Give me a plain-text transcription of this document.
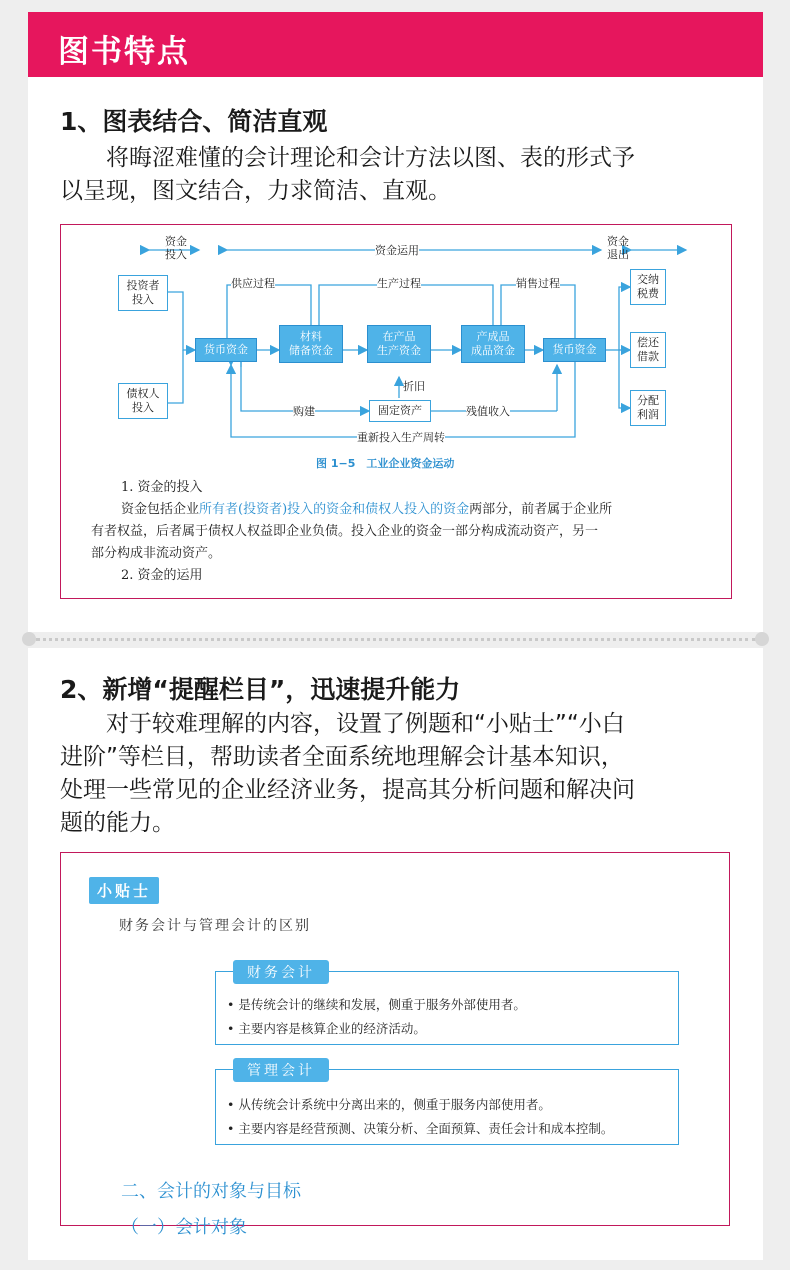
图书特点
1、图表结合、简洁直观

将晦涩难懂的会计理论和会计方法以图、表的形式予
以呈现，图文结合，力求简洁、直观。

资金
投入	资金运用
资金
退出
投资者
投入
债权人
投入
货币资金
材料
储备资金
在产品
生产资金
产成品
成品资金	货币资金
交纳
税费
偿还
借款
分配
利润
供应过程	生产过程	销售过程
折旧
固定资产
购建	残值收入
重新投入生产周转
图 1−5　工业企业资金运动
1. 资金的投入
资金包括企业所有者(投资者)投入的资金和债权人投入的资金两部分，前者属于企业所
有者权益，后者属于债权人权益即企业负债。投入企业的资金一部分构成流动资产，另一
部分构成非流动资产。
2. 资金的运用
2、新增“提醒栏目”，迅速提升能力

对于较难理解的内容，设置了例题和“小贴士”“小白
进阶”等栏目，帮助读者全面系统地理解会计基本知识，
处理一些常见的企业经济业务，提高其分析问题和解决问
题的能力。

小贴士
财务会计与管理会计的区别
财务会计
• 是传统会计的继续和发展，侧重于服务外部使用者。
• 主要内容是核算企业的经济活动。
管理会计
• 从传统会计系统中分离出来的，侧重于服务内部使用者。
• 主要内容是经营预测、决策分析、全面预算、责任会计和成本控制。
二、会计的对象与目标
（一）会计对象
